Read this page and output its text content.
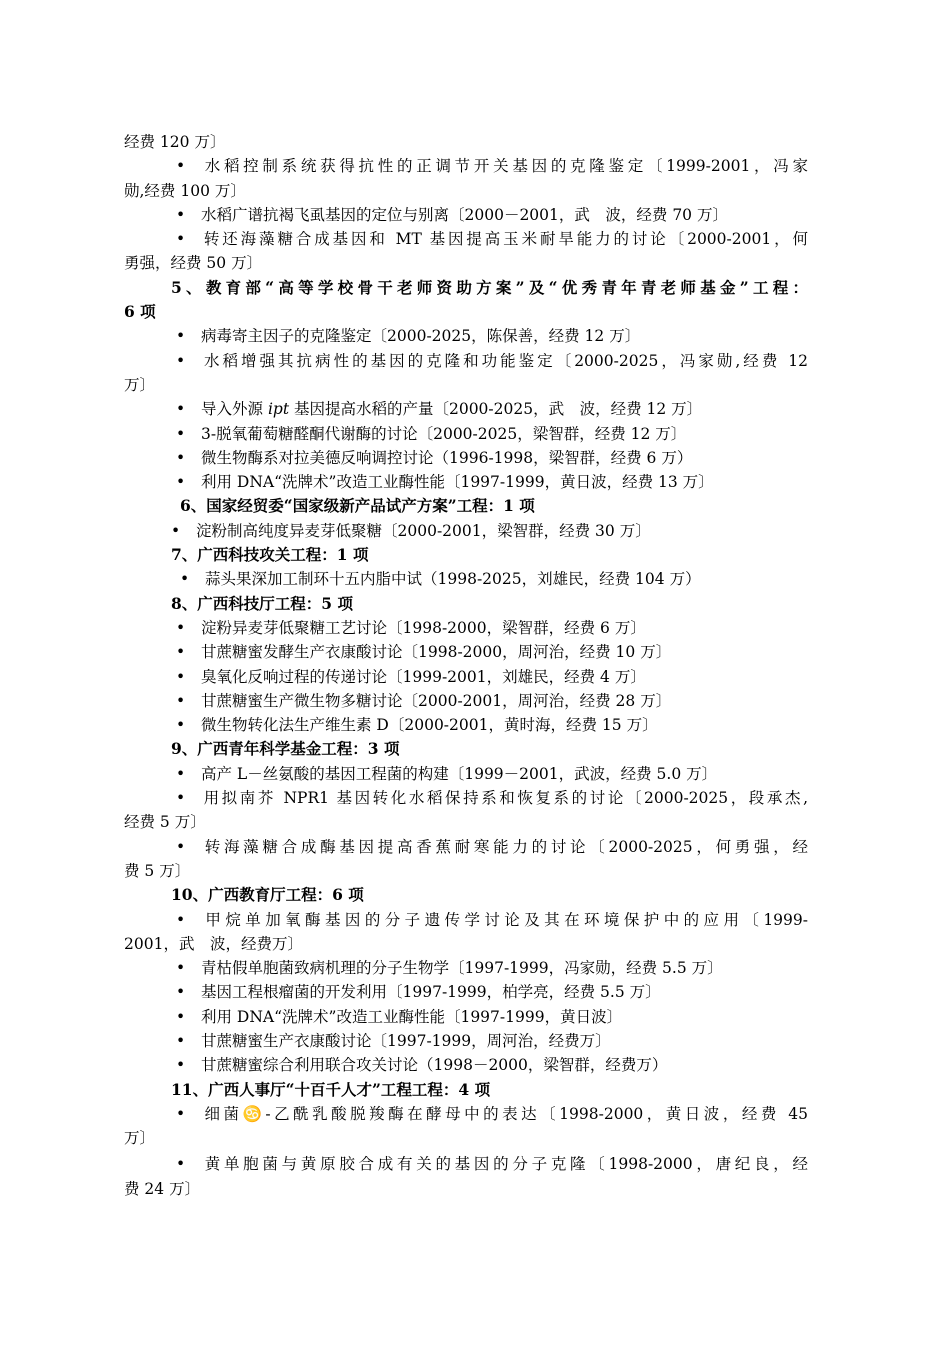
经费 120 万〕
• 水稻控制系统获得抗性的正调节开关基因的克隆鉴定〔1999-2001，冯家
勋,经费 100 万〕
• 水稻广谱抗褐飞虱基因的定位与别离〔2000－2001，武　波，经费 70 万〕
• 转还海藻糖合成基因和 MT 基因提高玉米耐旱能力的讨论〔2000-2001，何
勇强，经费 50 万〕
5、教育部“高等学校骨干老师资助方案”及“优秀青年青老师基金”工程：
6 项
• 病毒寄主因子的克隆鉴定〔2000-2025，陈保善，经费 12 万〕
• 水稻增强其抗病性的基因的克隆和功能鉴定〔2000-2025，冯家勋,经费 12
万〕
• 导入外源 ipt 基因提高水稻的产量〔2000-2025，武　波，经费 12 万〕
• 3-脱氧葡萄糖醛酮代谢酶的讨论〔2000-2025，梁智群，经费 12 万〕
• 微生物酶系对拉美德反响调控讨论（1996-1998，梁智群，经费 6 万）
• 利用 DNA“洗牌术”改造工业酶性能〔1997-1999，黄日波，经费 13 万〕
6、国家经贸委“国家级新产品试产方案”工程：1 项
• 淀粉制高纯度异麦芽低聚糖〔2000-2001，梁智群，经费 30 万〕
7、广西科技攻关工程：1 项
• 蒜头果深加工制环十五内脂中试（1998-2025，刘雄民，经费 104 万）
8、广西科技厅工程：5 项
• 淀粉异麦芽低聚糖工艺讨论〔1998-2000，梁智群，经费 6 万〕
• 甘蔗糖蜜发酵生产衣康酸讨论〔1998-2000，周河治，经费 10 万〕
• 臭氧化反响过程的传递讨论〔1999-2001，刘雄民，经费 4 万〕
• 甘蔗糖蜜生产微生物多糖讨论〔2000-2001，周河治，经费 28 万〕
• 微生物转化法生产维生素 D〔2000-2001，黄时海，经费 15 万〕
9、广西青年科学基金工程：3 项
• 高产 L－丝氨酸的基因工程菌的构建〔1999－2001，武波，经费 5.0 万〕
• 用拟南芥 NPR1 基因转化水稻保持系和恢复系的讨论〔2000-2025，段承杰,
经费 5 万〕
• 转海藻糖合成酶基因提高香蕉耐寒能力的讨论〔2000-2025，何勇强，经
费 5 万〕
10、广西教育厅工程：6 项
• 甲烷单加氧酶基因的分子遗传学讨论及其在环境保护中的应用〔1999-
2001，武　波，经费万〕
• 青枯假单胞菌致病机理的分子生物学〔1997-1999，冯家勋，经费 5.5 万〕
• 基因工程根瘤菌的开发利用〔1997-1999，柏学亮，经费 5.5 万〕
• 利用 DNA“洗牌术”改造工业酶性能〔1997-1999，黄日波〕
• 甘蔗糖蜜生产衣康酸讨论〔1997-1999，周河治，经费万〕
• 甘蔗糖蜜综合利用联合攻关讨论（1998－2000，梁智群，经费万）
11、广西人事厅“十百千人才”工程工程：4 项
• 细菌♋-乙酰乳酸脱羧酶在酵母中的表达〔1998-2000，黄日波，经费 45
万〕
• 黄单胞菌与黄原胶合成有关的基因的分子克隆〔1998-2000，唐纪良，经
费 24 万〕
